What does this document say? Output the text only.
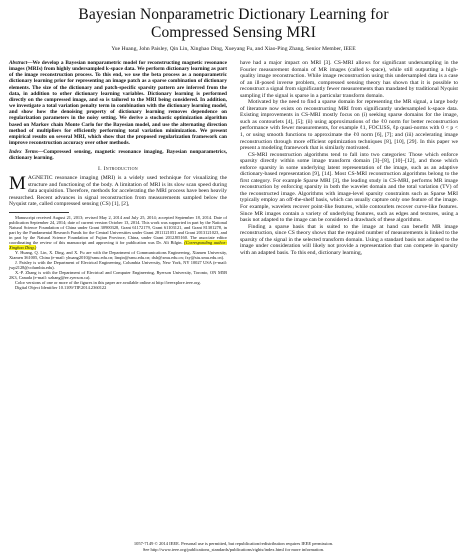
Bayesian Nonparametric Dictionary Learning for
Compressed Sensing MRI
Yue Huang, John Paisley, Qin Lin, Xinghao Ding, Xueyang Fu, and Xiao-Ping Zhang, Senior Member, IEEE

Abstract—We develop a Bayesian nonparametric model for reconstructing magnetic resonance images (MRIs) from highly undersampled k-space data. We perform dictionary learning as part of the image reconstruction process. To this end, we use the beta process as a nonparametric dictionary learning prior for representing an image patch as a sparse combination of dictionary elements. The size of the dictionary and patch-specific sparsity pattern are inferred from the data, in addition to other dictionary learning variables. Dictionary learning is performed directly on the compressed image, and so is tailored to the MRI being considered. In addition, we investigate a total variation penalty term in combination with the dictionary learning model, and show how the denoising property of dictionary learning removes dependence on regularization parameters in the noisy setting. We derive a stochastic optimization algorithm based on Markov chain Monte Carlo for the Bayesian model, and use the alternating direction method of multipliers for efficiently performing total variation minimization. We present empirical results on several MRI, which show that the proposed regularization framework can improve reconstruction accuracy over other methods.

Index Terms—Compressed sensing, magnetic resonance imaging, Bayesian nonparametrics, dictionary learning.

I. Introduction

MAGNETIC resonance imaging (MRI) is a widely used technique for visualizing the structure and functioning of the body. A limitation of MRI is its slow scan speed during data acquisition. Therefore, methods for accelerating the MRI process have been heavily researched. Recent advances in signal reconstruction from measurements sampled below the Nyquist rate, called compressed sensing (CS) [1], [2],

Manuscript received August 21, 2013; revised May 2, 2014 and July 25, 2014; accepted September 18, 2014. Date of publication September 24, 2014; date of current version October 13, 2014. This work was supported in part by the National Natural Science Foundation of China under Grant 30900328, Grant 61172179, Grant 61103121, and Grant 81301278, in part by the Fundamental Research Funds for the Central Universities under Grant 2011121051 and Grant 2013121023, and in part by the Natural Science Foundation of Fujian Province, China, under Grant 2012J05160. The associate editor coordinating the review of this manuscript and approving it for publication was Dr. Ali Bilgin. (Corresponding author: Xinghao Ding.)

Y. Huang, Q. Lin, X. Ding, and X. Fu are with the Department of Communications Engineering, Xiamen University, Xiamen 361005, China (e-mail: yhuang2010@xmu.edu.cn; linqin@xmu.edu.cn; dxh@xmu.edu.cn; fxy@stu.xmu.edu.cn).

J. Paisley is with the Department of Electrical Engineering, Columbia University, New York, NY 10027 USA (e-mail: jwp2128@columbia.edu).

X.-P. Zhang is with the Department of Electrical and Computer Engineering, Ryerson University, Toronto, ON M5B 2K3, Canada (e-mail: xzhang@ee.ryerson.ca).

Color versions of one or more of the figures in this paper are available online at http://ieeexplore.ieee.org.

Digital Object Identifier 10.1109/TIP.2014.2360122

have had a major impact on MRI [3]. CS-MRI allows for significant undersampling in the Fourier measurement domain of MR images (called k-space), while still outputting a high-quality image reconstruction. While image reconstruction using this undersampled data is a case of an ill-posed inverse problem, compressed sensing theory has shown that it is possible to reconstruct a signal from significantly fewer measurements than mandated by traditional Nyquist sampling if the signal is sparse in a particular transform domain.

Motivated by the need to find a sparse domain for representing the MR signal, a large body of literature now exists on reconstructing MRI from significantly undersampled k-space data. Existing improvements in CS-MRI mostly focus on (i) seeking sparse domains for the image, such as contourlets [4], [5]; (ii) using approximations of the ℓ0 norm for better reconstruction performance with fewer measurements, for example ℓ1, FOCUSS, ℓp quasi-norms with 0 < p < 1, or using smooth functions to approximate the ℓ0 norm [6], [7]; and (iii) accelerating image reconstruction through more efficient optimization techniques [8], [10], [29]. In this paper we present a modeling framework that is similarly motivated.

CS-MRI reconstruction algorithms tend to fall into two categories: Those which enforce sparsity directly within some image transform domain [3]–[8], [10]–[12], and those which enforce sparsity in some underlying latent representation of the image, such as an adaptive dictionary-based representation [9], [14]. Most CS-MRI reconstruction algorithms belong to the first category. For example Sparse MRI [3], the leading study in CS-MRI, performs MR image reconstruction by enforcing sparsity in both the wavelet domain and the total variation (TV) of the reconstructed image. Algorithms with image-level sparsity constraints such as Sparse MRI typically employ an off-the-shelf basis, which can usually capture only one feature of the image. For example, wavelets recover point-like features, while contourlets recover curve-like features. Since MR images contain a variety of underlying features, such as edges and textures, using a basis not adapted to the image can be considered a drawback of these algorithms.

Finding a sparse basis that is suited to the image at hand can benefit MR image reconstruction, since CS theory shows that the required number of measurements is linked to the sparsity of the signal in the selected transform domain. Using a standard basis not adapted to the image under consideration will likely not provide a representation that can compete in sparsity with an adapted basis. To this end, dictionary learning,

1057-7149 © 2014 IEEE. Personal use is permitted, but republication/redistribution requires IEEE permission.
See http://www.ieee.org/publications_standards/publications/rights/index.html for more information.
